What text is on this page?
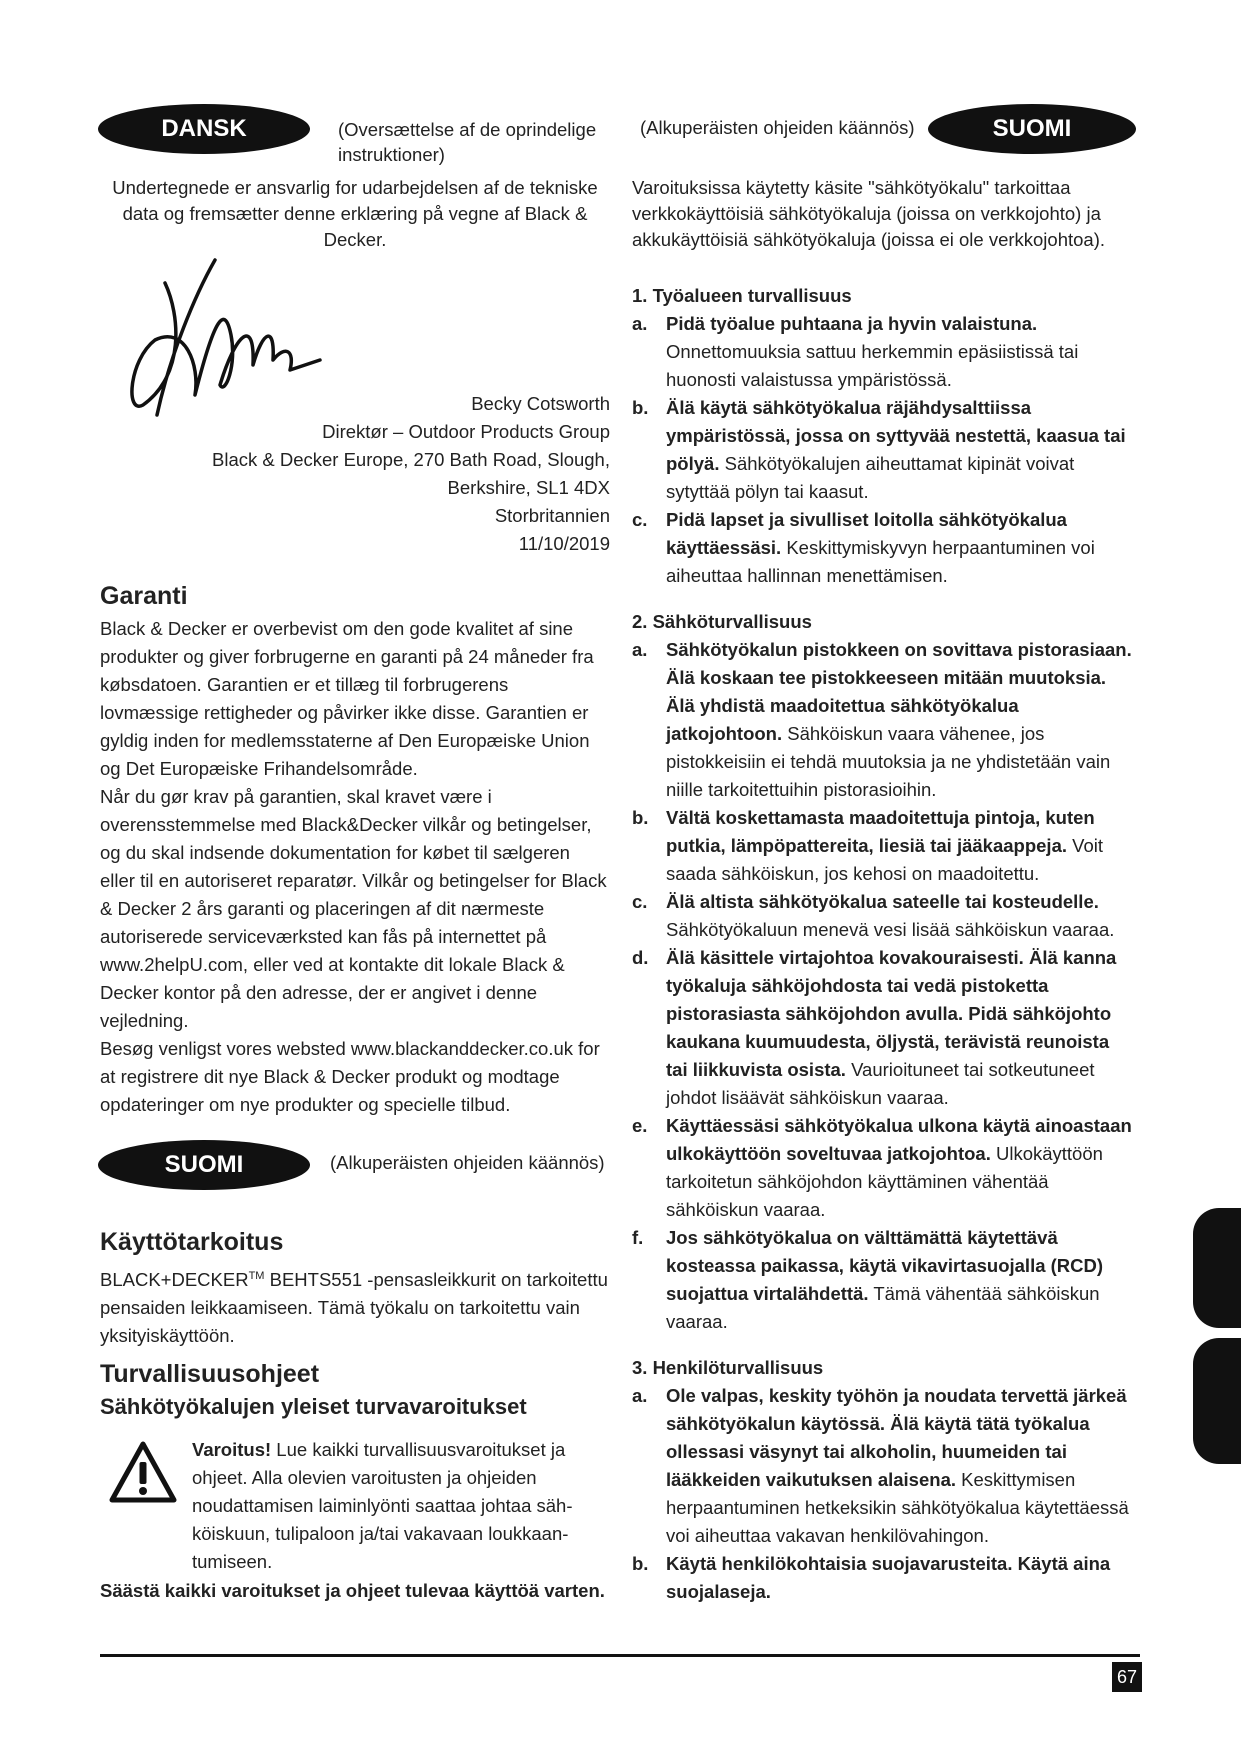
DANSK	(Oversættelse af de oprindelige instruktioner)
Undertegnede er ansvarlig for udarbejdelsen af de tekniske data og fremsætter denne erklæring på vegne af Black & Decker.
Becky Cotsworth
Direktør – Outdoor Products Group
Black & Decker Europe, 270 Bath Road, Slough,
Berkshire, SL1 4DX
Storbritannien
11/10/2019
Garanti
Black & Decker er overbevist om den gode kvalitet af sine produkter og giver forbrugerne en garanti på 24 måneder fra købsdatoen. Garantien er et tillæg til forbrugerens lovmæssige rettigheder og påvirker ikke disse. Garantien er gyldig inden for medlemsstaterne af Den Europæiske Union og Det Europæiske Frihandelsområde.
Når du gør krav på garantien, skal kravet være i overensstemmelse med Black&Decker vilkår og betingelser, og du skal indsende dokumentation for købet til sælgeren eller til en autoriseret reparatør. Vilkår og betingelser for Black & Decker 2 års garanti og placeringen af dit nærmeste autoriserede serviceværksted kan fås på internettet på www.2helpU.com, eller ved at kontakte dit lokale Black & Decker kontor på den adresse, der er angivet i denne vejledning.
Besøg venligst vores websted www.blackanddecker.co.uk for at registrere dit nye Black & Decker produkt og modtage opdateringer om nye produkter og specielle tilbud.
SUOMI	(Alkuperäisten ohjeiden käännös)
Käyttötarkoitus
BLACK+DECKER™ BEHTS551 -pensasleikkurit on tarkoitettu pensaiden leikkaamiseen. Tämä työkalu on tarkoitettu vain yksityiskäyttöön.
Turvallisuusohjeet
Sähkötyökalujen yleiset turvavaroitukset
Varoitus! Lue kaikki turvallisuusvaroitukset ja ohjeet. Alla olevien varoitusten ja ohjeiden noudattamisen laiminlyönti saattaa johtaa sähköiskuun, tulipaloon ja/tai vakavaan loukkaantumiseen.
Säästä kaikki varoitukset ja ohjeet tulevaa käyttöä varten.
(Alkuperäisten ohjeiden käännös)	SUOMI
Varoituksissa käytetty käsite "sähkötyökalu" tarkoittaa verkkokäyttöisiä sähkötyökaluja (joissa on verkkojohto) ja akkukäyttöisiä sähkötyökaluja (joissa ei ole verkkojohtoa).
1. Työalueen turvallisuus
a. Pidä työalue puhtaana ja hyvin valaistuna. Onnettomuuksia sattuu herkemmin epäsiistissä tai huonosti valaistussa ympäristössä.
b. Älä käytä sähkötyökalua räjähdysalttiissa ympäristössä, jossa on syttyvää nestettä, kaasua tai pölyä. Sähkötyökalujen aiheuttamat kipinät voivat sytyttää pölyn tai kaasut.
c. Pidä lapset ja sivulliset loitolla sähkötyökalua käyttäessäsi. Keskittymiskyvyn herpaantuminen voi aiheuttaa hallinnan menettämisen.
2. Sähköturvallisuus
a. Sähkötyökalun pistokkeen on sovittava pistorasiaan. Älä koskaan tee pistokkeeseen mitään muutoksia. Älä yhdistä maadoitettua sähkötyökalua jatkojohtoon. Sähköiskun vaara vähenee, jos pistokkeisiin ei tehdä muutoksia ja ne yhdistetään vain niille tarkoitettuihin pistorasioihin.
b. Vältä koskettamasta maadoitettuja pintoja, kuten putkia, lämpöpattereita, liesiä tai jääkaappeja. Voit saada sähköiskun, jos kehosi on maadoitettu.
c. Älä altista sähkötyökalua sateelle tai kosteudelle. Sähkötyökaluun menevä vesi lisää sähköiskun vaaraa.
d. Älä käsittele virtajohtoa kovakouraisesti. Älä kanna työkaluja sähköjohdosta tai vedä pistoketta pistorasiasta sähköjohdon avulla. Pidä sähköjohto kaukana kuumuudesta, öljystä, terävistä reunoista tai liikkuvista osista. Vaurioituneet tai sotkeutuneet johdot lisäävät sähköiskun vaaraa.
e. Käyttäessäsi sähkötyökalua ulkona käytä ainoastaan ulkokäyttöön soveltuvaa jatkojohtoa. Ulkokäyttöön tarkoitetun sähköjohdon käyttäminen vähentää sähköiskun vaaraa.
f. Jos sähkötyökalua on välttämättä käytettävä kosteassa paikassa, käytä vikavirtasuojalla (RCD) suojattua virtalähdettä. Tämä vähentää sähköiskun vaaraa.
3. Henkilöturvallisuus
a. Ole valpas, keskity työhön ja noudata tervettä järkeä sähkötyökalun käytössä. Älä käytä tätä työkalua ollessasi väsynyt tai alkoholin, huumeiden tai lääkkeiden vaikutuksen alaisena. Keskittymisen herpaantuminen hetkeksikin sähkötyökalua käytettäessä voi aiheuttaa vakavan henkilövahingon.
b. Käytä henkilökohtaisia suojavarusteita. Käytä aina suojalaseja.
67
